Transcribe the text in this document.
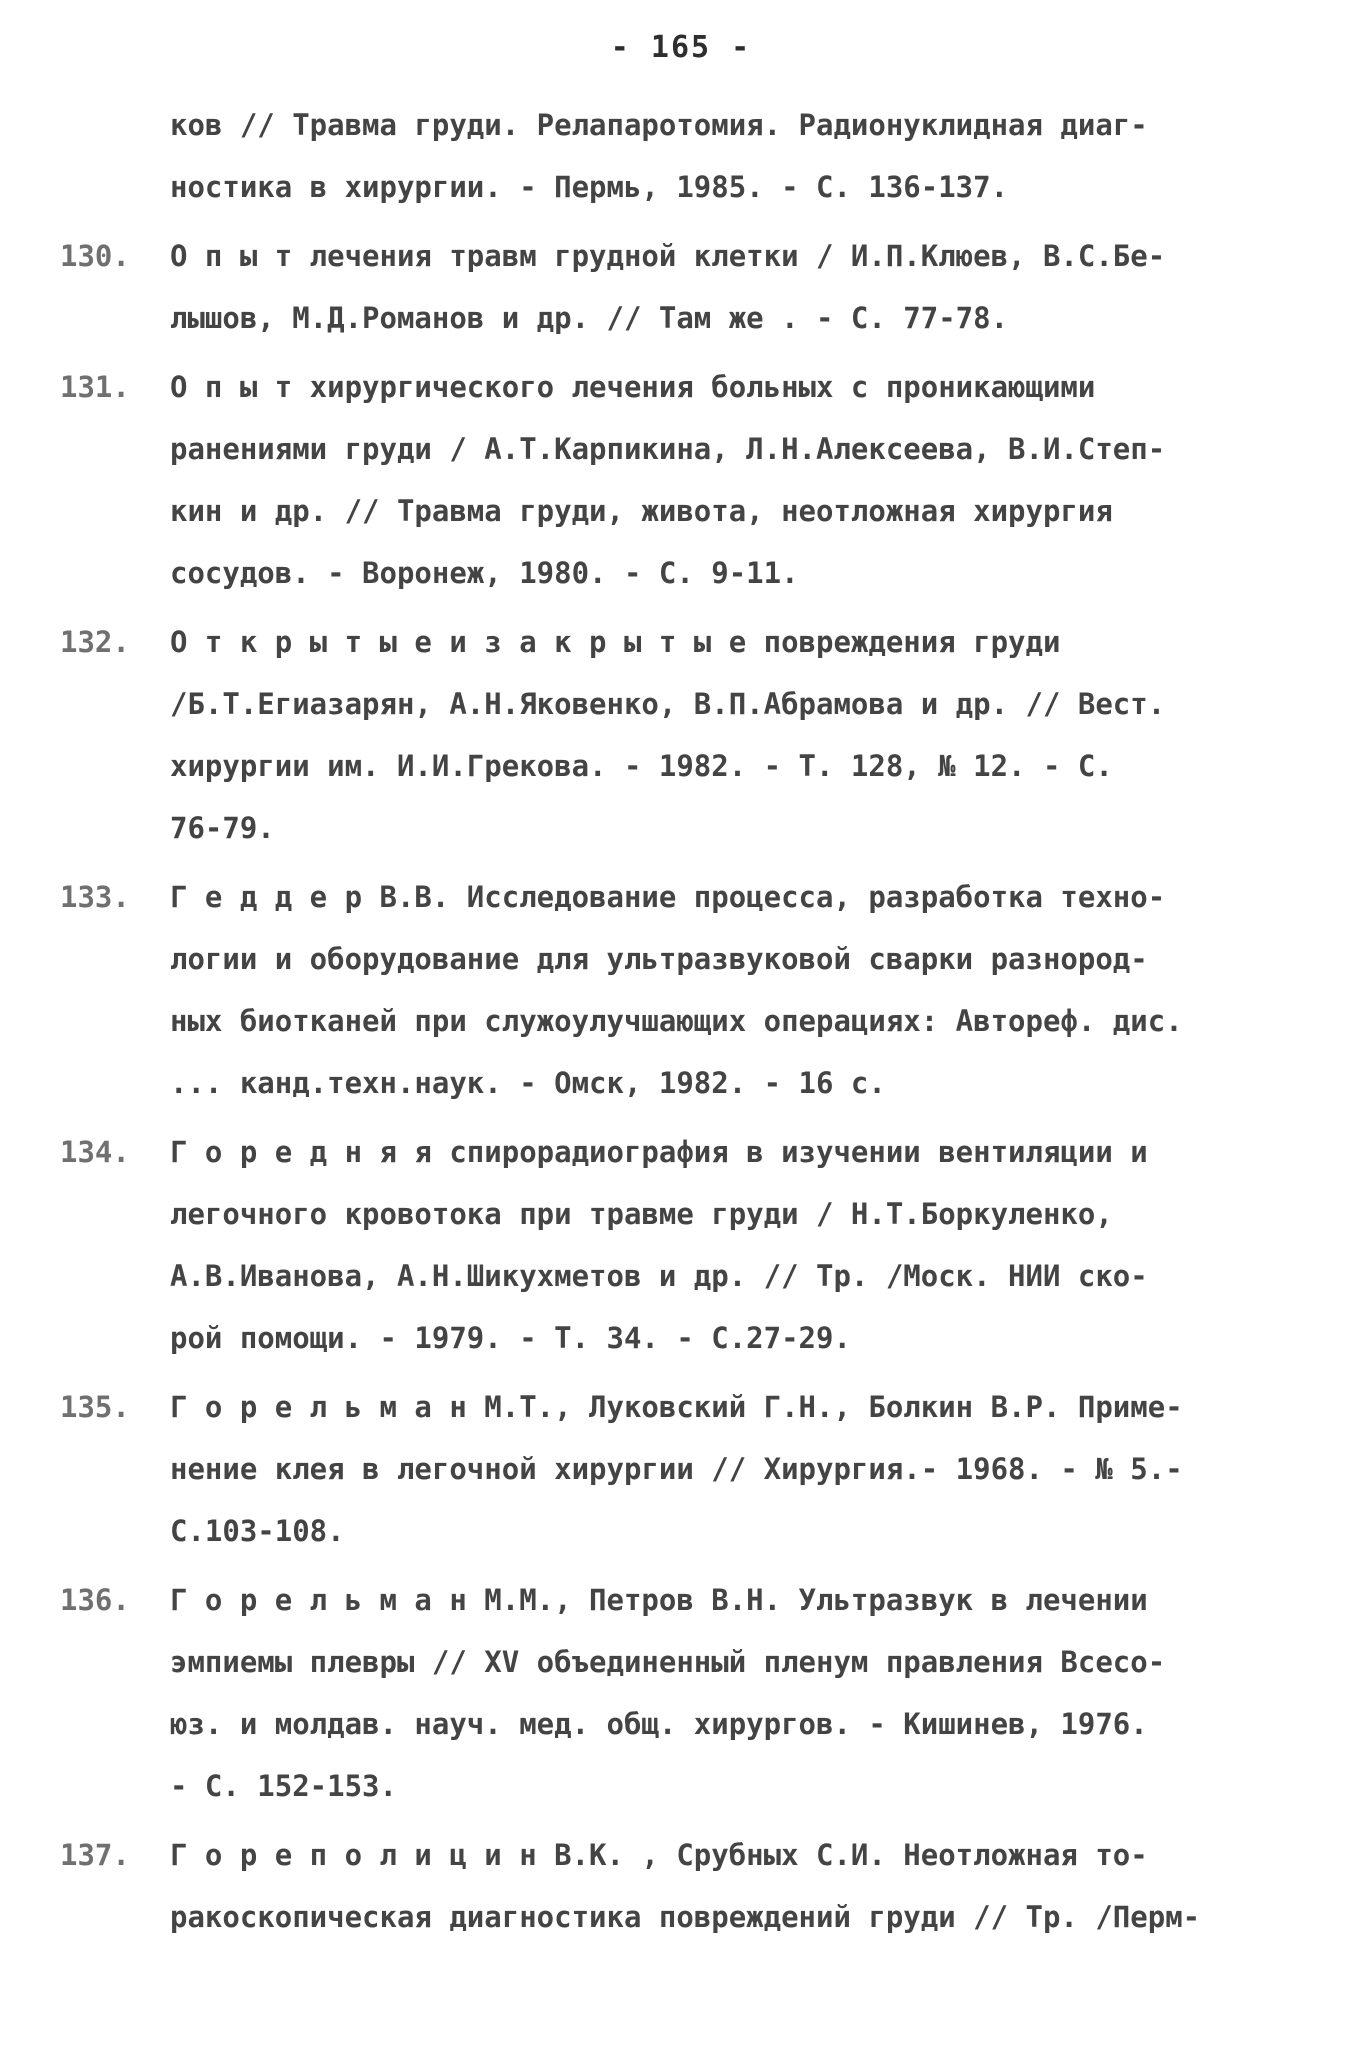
- 165 -
ков // Травма груди. Релапаротомия. Радионуклидная диаг-
ностика в хирургии. - Пермь, 1985. - С. 136-137.
130.	О п ы т лечения травм грудной клетки / И.П.Клюев, В.С.Бе-
лышов, М.Д.Романов и др. // Там же . - С. 77-78.
131.	О п ы т хирургического лечения больных с проникающими
ранениями груди / А.Т.Карпикина, Л.Н.Алексеева, В.И.Степ-
кин и др. // Травма груди, живота, неотложная хирургия
сосудов. - Воронеж, 1980. - С. 9-11.
132.	О т к р ы т ы е и з а к р ы т ы е повреждения груди
/Б.Т.Егиазарян, А.Н.Яковенко, В.П.Абрамова и др. // Вест.
хирургии им. И.И.Грекова. - 1982. - Т. 128, № 12. - С.
76-79.
133.	Г е д д е р В.В. Исследование процесса, разработка техно-
логии и оборудование для ультразвуковой сварки разнород-
ных биотканей при служоулучшающих операциях: Автореф. дис.
... канд.техн.наук. - Омск, 1982. - 16 с.
134.	Г о р е д н я я спирорадиография в изучении вентиляции и
легочного кровотока при травме груди / Н.Т.Боркуленко,
А.В.Иванова, А.Н.Шикухметов и др. // Тр. /Моск. НИИ ско-
рой помощи. - 1979. - Т. 34. - С.27-29.
135.	Г о р е л ь м а н М.Т., Луковский Г.Н., Болкин В.Р. Приме-
нение клея в легочной хирургии // Хирургия.- 1968. - № 5.-
С.103-108.
136.	Г о р е л ь м а н М.М., Петров В.Н. Ультразвук в лечении
эмпиемы плевры // XV объединенный пленум правления Всесо-
юз. и молдав. науч. мед. общ. хирургов. - Кишинев, 1976.
- С. 152-153.
137.	Г о р е п о л и ц и н В.К. , Срубных С.И. Неотложная то-
ракоскопическая диагностика повреждений груди // Тр. /Перм-
